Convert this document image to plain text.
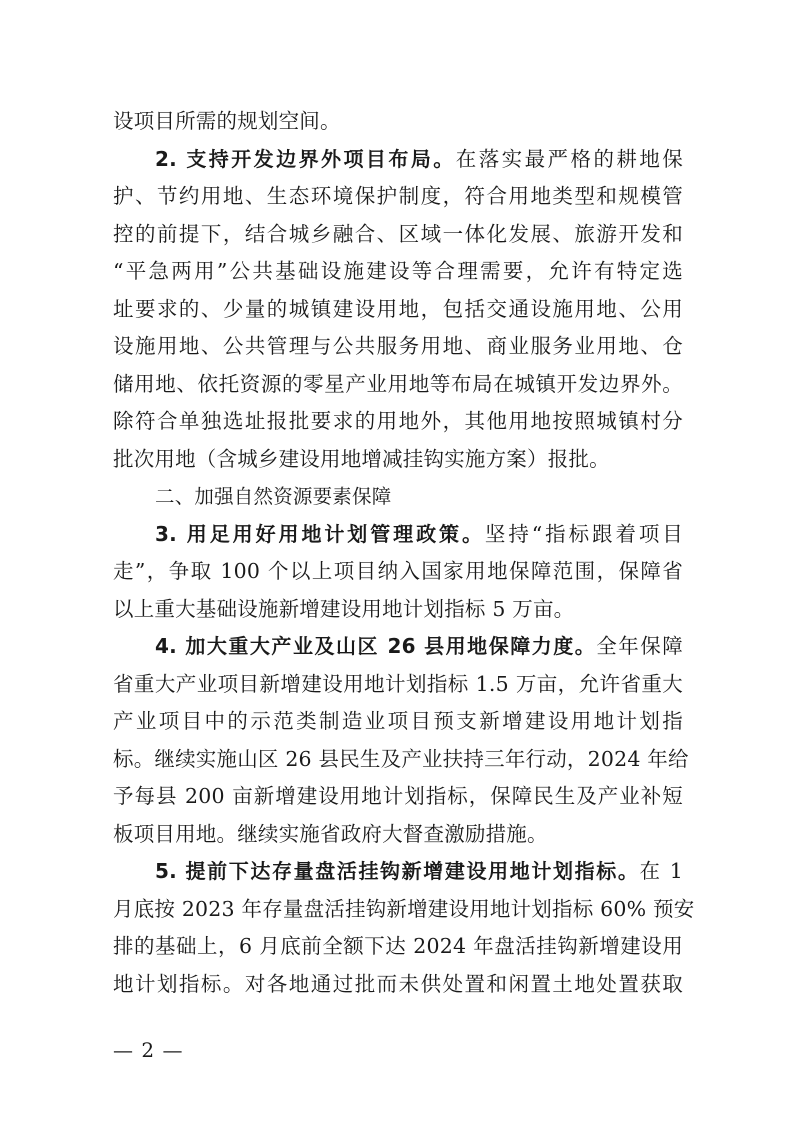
设项目所需的规划空间。
2. 支持开发边界外项目布局。在落实最严格的耕地保
护、节约用地、生态环境保护制度，符合用地类型和规模管
控的前提下，结合城乡融合、区域一体化发展、旅游开发和
“平急两用”公共基础设施建设等合理需要，允许有特定选
址要求的、少量的城镇建设用地，包括交通设施用地、公用
设施用地、公共管理与公共服务用地、商业服务业用地、仓
储用地、依托资源的零星产业用地等布局在城镇开发边界外。
除符合单独选址报批要求的用地外，其他用地按照城镇村分
批次用地（含城乡建设用地增减挂钩实施方案）报批。
二、加强自然资源要素保障
3. 用足用好用地计划管理政策。坚持“指标跟着项目
走”，争取 100 个以上项目纳入国家用地保障范围，保障省
以上重大基础设施新增建设用地计划指标 5 万亩。
4. 加大重大产业及山区 26 县用地保障力度。全年保障
省重大产业项目新增建设用地计划指标 1.5 万亩，允许省重大
产业项目中的示范类制造业项目预支新增建设用地计划指
标。继续实施山区 26 县民生及产业扶持三年行动，2024 年给
予每县 200 亩新增建设用地计划指标，保障民生及产业补短
板项目用地。继续实施省政府大督查激励措施。
5. 提前下达存量盘活挂钩新增建设用地计划指标。在 1
月底按 2023 年存量盘活挂钩新增建设用地计划指标 60% 预安
排的基础上，6 月底前全额下达 2024 年盘活挂钩新增建设用
地计划指标。对各地通过批而未供处置和闲置土地处置获取
— 2 —
